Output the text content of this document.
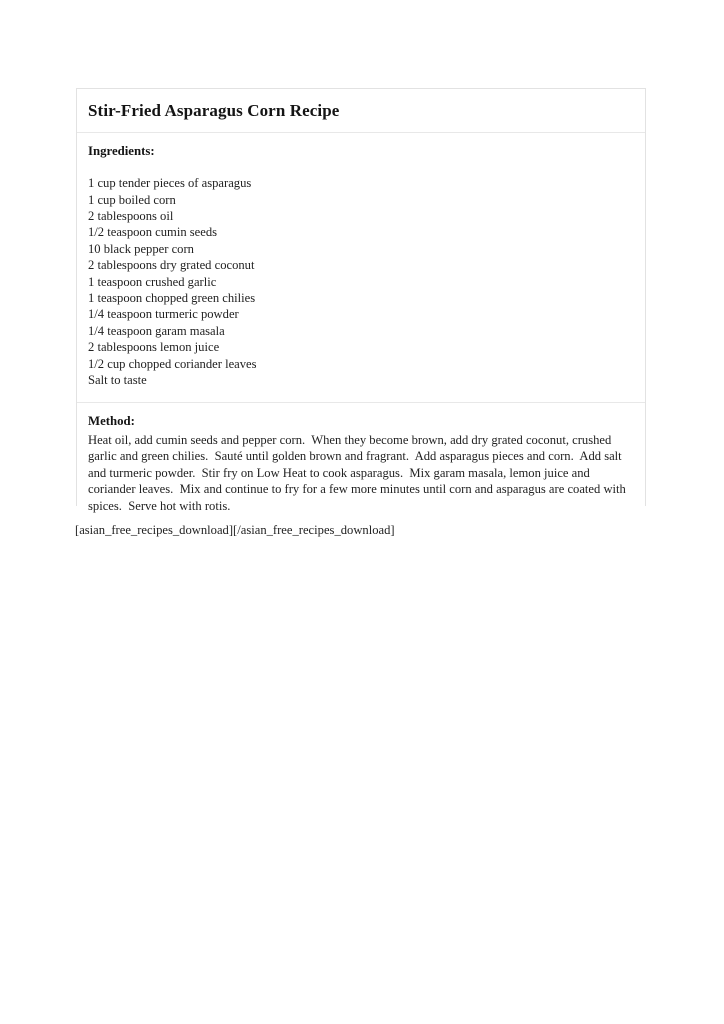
Stir-Fried Asparagus Corn Recipe
Ingredients:
1 cup tender pieces of asparagus
1 cup boiled corn
2 tablespoons oil
1/2 teaspoon cumin seeds
10 black pepper corn
2 tablespoons dry grated coconut
1 teaspoon crushed garlic
1 teaspoon chopped green chilies
1/4 teaspoon turmeric powder
1/4 teaspoon garam masala
2 tablespoons lemon juice
1/2 cup chopped coriander leaves
Salt to taste
Method:

Heat oil, add cumin seeds and pepper corn.  When they become brown, add dry grated coconut, crushed garlic and green chilies.  Sauté until golden brown and fragrant.  Add asparagus pieces and corn.  Add salt and turmeric powder.  Stir fry on Low Heat to cook asparagus.  Mix garam masala, lemon juice and coriander leaves.  Mix and continue to fry for a few more minutes until corn and asparagus are coated with spices.  Serve hot with rotis.

[asian_free_recipes_download][/asian_free_recipes_download]
